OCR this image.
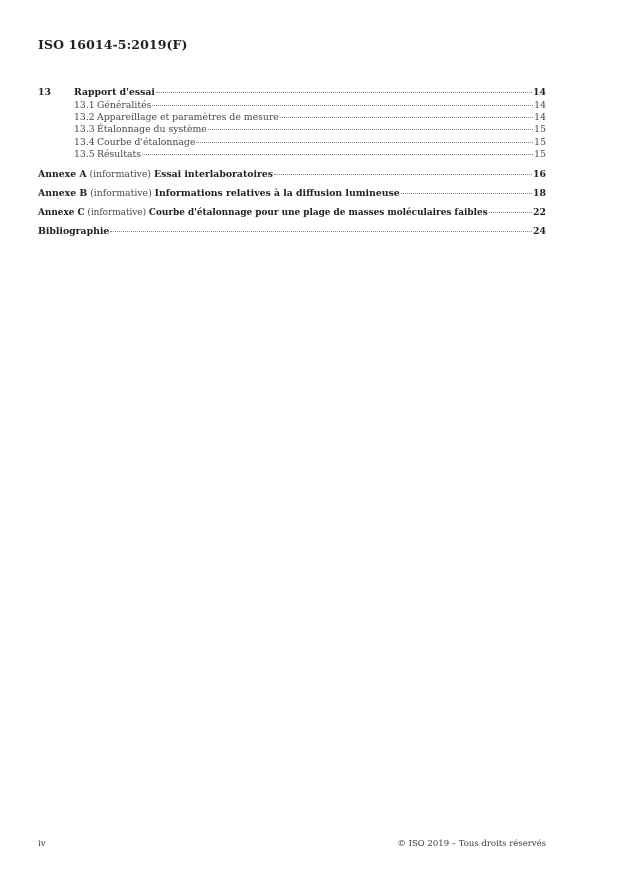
ISO 16014-5:2019(F)
13	Rapport d'essai	14
13.1 Généralités	14
13.2 Appareillage et paramètres de mesure	14
13.3 Étalonnage du système	15
13.4 Courbe d'étalonnage	15
13.5 Résultats	15
Annexe A (informative) Essai interlaboratoires	16
Annexe B (informative) Informations relatives à la diffusion lumineuse	18
Annexe C (informative) Courbe d'étalonnage pour une plage de masses moléculaires faibles	22
Bibliographie	24
iv	© ISO 2019 – Tous droits réservés
